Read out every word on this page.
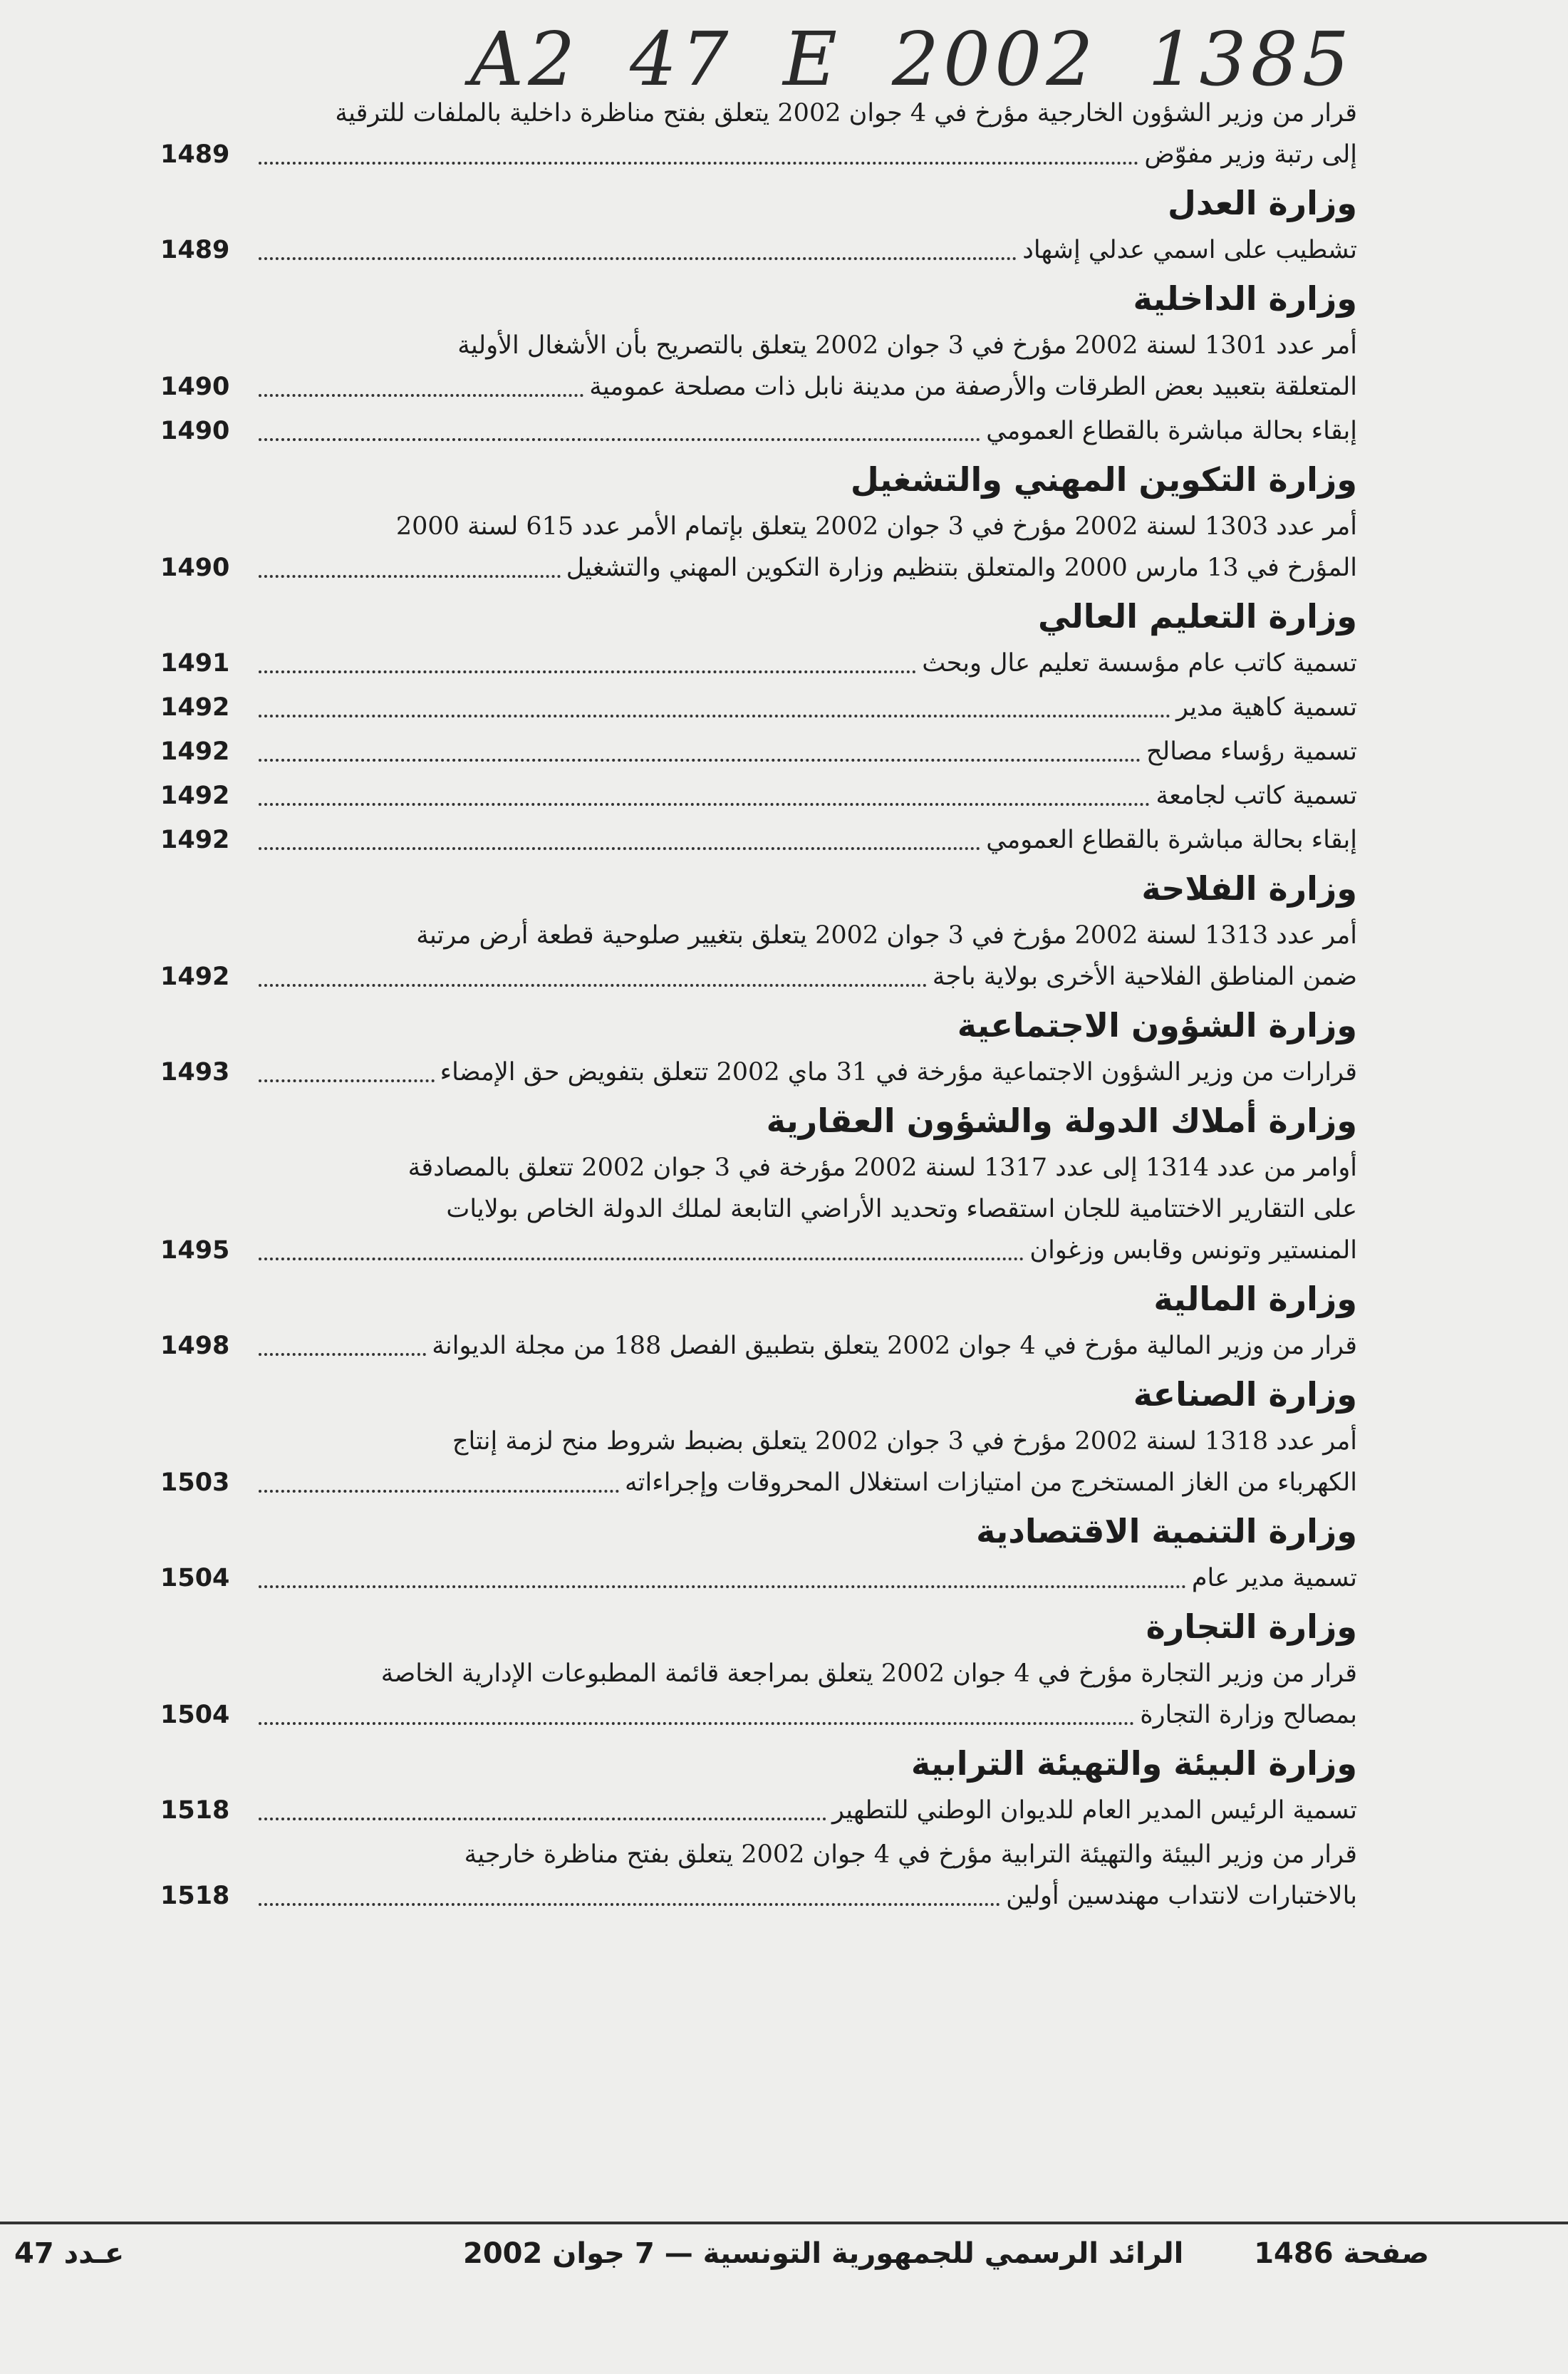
A2 47 E 2002 1385
قرار من وزير الشؤون الخارجية مؤرخ في 4 جوان 2002 يتعلق بفتح مناظرة داخلية بالملفات للترقية
إلى رتبة وزير مفوّض
1489
وزارة العدل
تشطيب على اسمي عدلي إشهاد
1489
وزارة الداخلية
أمر عدد 1301 لسنة 2002 مؤرخ في 3 جوان 2002 يتعلق بالتصريح بأن الأشغال الأولية
المتعلقة بتعبيد بعض الطرقات والأرصفة من مدينة نابل ذات مصلحة عمومية
1490
إبقاء بحالة مباشرة بالقطاع العمومي
1490
وزارة التكوين المهني والتشغيل
أمر عدد 1303 لسنة 2002 مؤرخ في 3 جوان 2002 يتعلق بإتمام الأمر عدد 615 لسنة 2000
المؤرخ في 13 مارس 2000 والمتعلق بتنظيم وزارة التكوين المهني والتشغيل
1490
وزارة التعليم العالي
تسمية كاتب عام مؤسسة تعليم عال وبحث
1491
تسمية كاهية مدير
1492
تسمية رؤساء مصالح
1492
تسمية كاتب لجامعة
1492
إبقاء بحالة مباشرة بالقطاع العمومي
1492
وزارة الفلاحة
أمر عدد 1313 لسنة 2002 مؤرخ في 3 جوان 2002 يتعلق بتغيير صلوحية قطعة أرض مرتبة
ضمن المناطق الفلاحية الأخرى بولاية باجة
1492
وزارة الشؤون الاجتماعية
قرارات من وزير الشؤون الاجتماعية مؤرخة في 31 ماي 2002 تتعلق بتفويض حق الإمضاء
1493
وزارة أملاك الدولة والشؤون العقارية
أوامر من عدد 1314 إلى عدد 1317 لسنة 2002 مؤرخة في 3 جوان 2002 تتعلق بالمصادقة
على التقارير الاختتامية للجان استقصاء وتحديد الأراضي التابعة لملك الدولة الخاص بولايات
المنستير وتونس وقابس وزغوان
1495
وزارة المالية
قرار من وزير المالية مؤرخ في 4 جوان 2002 يتعلق بتطبيق الفصل 188 من مجلة الديوانة
1498
وزارة الصناعة
أمر عدد 1318 لسنة 2002 مؤرخ في 3 جوان 2002 يتعلق بضبط شروط منح لزمة إنتاج
الكهرباء من الغاز المستخرج من امتيازات استغلال المحروقات وإجراءاته
1503
وزارة التنمية الاقتصادية
تسمية مدير عام
1504
وزارة التجارة
قرار من وزير التجارة مؤرخ في 4 جوان 2002 يتعلق بمراجعة قائمة المطبوعات الإدارية الخاصة
بمصالح وزارة التجارة
1504
وزارة البيئة والتهيئة الترابية
تسمية الرئيس المدير العام للديوان الوطني للتطهير
1518
قرار من وزير البيئة والتهيئة الترابية مؤرخ في 4 جوان 2002 يتعلق بفتح مناظرة خارجية
بالاختبارات لانتداب مهندسين أولين
1518
صفحة 1486
الرائد الرسمي للجمهورية التونسية — 7 جوان 2002
عـدد 47
